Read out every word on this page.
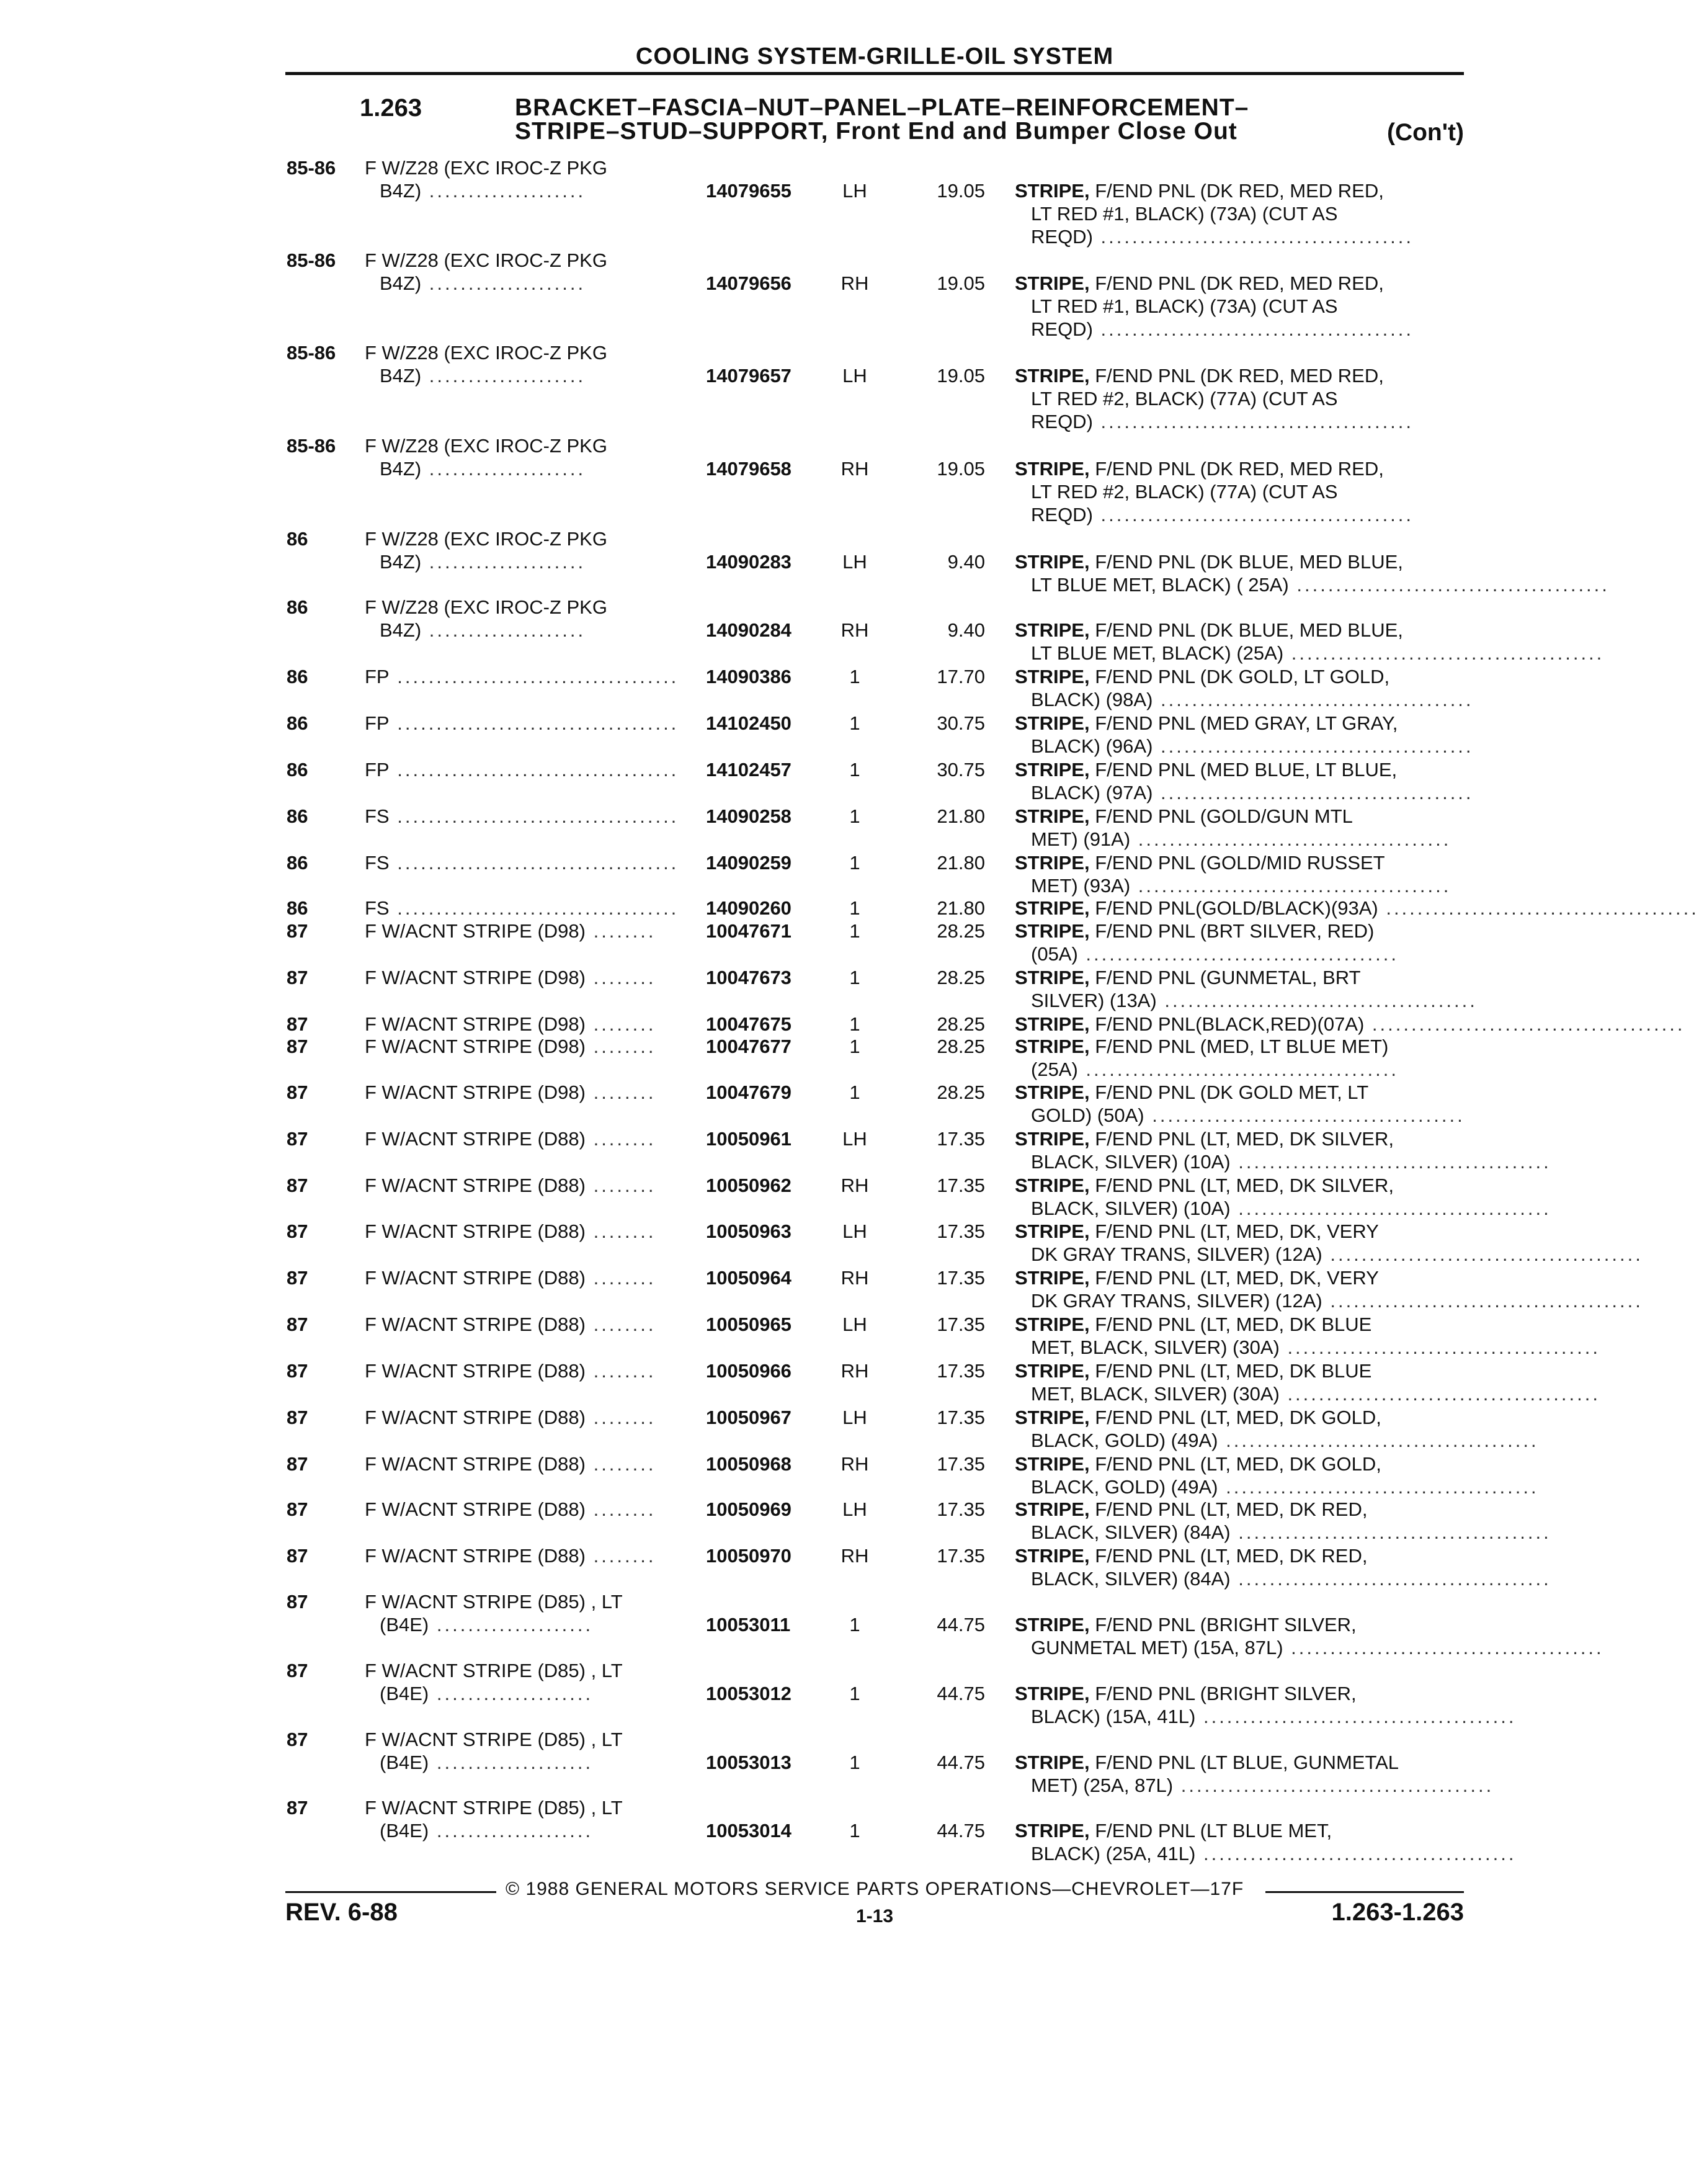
COOLING SYSTEM-GRILLE-OIL SYSTEM
1.263	BRACKET–FASCIA–NUT–PANEL–PLATE–REINFORCEMENT–
STRIPE–STUD–SUPPORT, Front End and Bumper Close Out	(Con't)
85-86 F W/Z28 (EXC IROC-Z PKG
B4Z) ....................	14079655	LH	19.05 STRIPE, F/END PNL (DK RED, MED RED,
LT RED #1, BLACK) (73A) (CUT AS
REQD) ........................................
85-86 F W/Z28 (EXC IROC-Z PKG
B4Z) ....................	14079656	RH	19.05 STRIPE, F/END PNL (DK RED, MED RED,
LT RED #1, BLACK) (73A) (CUT AS
REQD) ........................................
85-86 F W/Z28 (EXC IROC-Z PKG
B4Z) ....................	14079657	LH	19.05 STRIPE, F/END PNL (DK RED, MED RED,
LT RED #2, BLACK) (77A) (CUT AS
REQD) ........................................
85-86 F W/Z28 (EXC IROC-Z PKG
B4Z) ....................	14079658	RH	19.05 STRIPE, F/END PNL (DK RED, MED RED,
LT RED #2, BLACK) (77A) (CUT AS
REQD) ........................................
86	F W/Z28 (EXC IROC-Z PKG
B4Z) ....................	14090283	LH	9.40 STRIPE, F/END PNL (DK BLUE, MED BLUE,
LT BLUE MET, BLACK) ( 25A) ........................................
86	F W/Z28 (EXC IROC-Z PKG
B4Z) ....................	14090284	RH	9.40 STRIPE, F/END PNL (DK BLUE, MED BLUE,
LT BLUE MET, BLACK) (25A) ........................................
86	FP .................................... 14090386	1	17.70 STRIPE, F/END PNL (DK GOLD, LT GOLD,
BLACK) (98A) ........................................
86	FP .................................... 14102450	1	30.75 STRIPE, F/END PNL (MED GRAY, LT GRAY,
BLACK) (96A) ........................................
86	FP .................................... 14102457	1	30.75 STRIPE, F/END PNL (MED BLUE, LT BLUE,
BLACK) (97A) ........................................
86	FS .................................... 14090258	1	21.80 STRIPE, F/END PNL (GOLD/GUN MTL
MET) (91A) ........................................
86	FS .................................... 14090259	1	21.80 STRIPE, F/END PNL (GOLD/MID RUSSET
MET) (93A) ........................................
86	FS .................................... 14090260	1	21.80 STRIPE, F/END PNL(GOLD/BLACK)(93A) ........................................
87	F W/ACNT STRIPE (D98) ........	10047671	1	28.25 STRIPE, F/END PNL (BRT SILVER, RED)
(05A) ........................................
87	F W/ACNT STRIPE (D98) ........	10047673	1	28.25 STRIPE, F/END PNL (GUNMETAL, BRT
SILVER) (13A) ........................................
87	F W/ACNT STRIPE (D98) ........	10047675	1	28.25 STRIPE, F/END PNL(BLACK,RED)(07A) ........................................
87	F W/ACNT STRIPE (D98) ........	10047677	1	28.25 STRIPE, F/END PNL (MED, LT BLUE MET)
(25A) ........................................
87	F W/ACNT STRIPE (D98) ........	10047679	1	28.25 STRIPE, F/END PNL (DK GOLD MET, LT
GOLD) (50A) ........................................
87	F W/ACNT STRIPE (D88) ........	10050961	LH	17.35 STRIPE, F/END PNL (LT, MED, DK SILVER,
BLACK, SILVER) (10A) ........................................
87	F W/ACNT STRIPE (D88) ........	10050962	RH	17.35 STRIPE, F/END PNL (LT, MED, DK SILVER,
BLACK, SILVER) (10A) ........................................
87	F W/ACNT STRIPE (D88) ........	10050963	LH	17.35 STRIPE, F/END PNL (LT, MED, DK, VERY
DK GRAY TRANS, SILVER) (12A) ........................................
87	F W/ACNT STRIPE (D88) ........	10050964	RH	17.35 STRIPE, F/END PNL (LT, MED, DK, VERY
DK GRAY TRANS, SILVER) (12A) ........................................
87	F W/ACNT STRIPE (D88) ........	10050965	LH	17.35 STRIPE, F/END PNL (LT, MED, DK BLUE
MET, BLACK, SILVER) (30A) ........................................
87	F W/ACNT STRIPE (D88) ........	10050966	RH	17.35 STRIPE, F/END PNL (LT, MED, DK BLUE
MET, BLACK, SILVER) (30A) ........................................
87	F W/ACNT STRIPE (D88) ........	10050967	LH	17.35 STRIPE, F/END PNL (LT, MED, DK GOLD,
BLACK, GOLD) (49A) ........................................
87	F W/ACNT STRIPE (D88) ........	10050968	RH	17.35 STRIPE, F/END PNL (LT, MED, DK GOLD,
BLACK, GOLD) (49A) ........................................
87	F W/ACNT STRIPE (D88) ........	10050969	LH	17.35 STRIPE, F/END PNL (LT, MED, DK RED,
BLACK, SILVER) (84A) ........................................
87	F W/ACNT STRIPE (D88) ........	10050970	RH	17.35 STRIPE, F/END PNL (LT, MED, DK RED,
BLACK, SILVER) (84A) ........................................
87	F W/ACNT STRIPE (D85) , LT
(B4E) ....................	10053011	1	44.75 STRIPE, F/END PNL (BRIGHT SILVER,
GUNMETAL MET) (15A, 87L) ........................................
87	F W/ACNT STRIPE (D85) , LT
(B4E) ....................	10053012	1	44.75 STRIPE, F/END PNL (BRIGHT SILVER,
BLACK) (15A, 41L) ........................................
87	F W/ACNT STRIPE (D85) , LT
(B4E) ....................	10053013	1	44.75 STRIPE, F/END PNL (LT BLUE, GUNMETAL
MET) (25A, 87L) ........................................
87	F W/ACNT STRIPE (D85) , LT
(B4E) ....................	10053014	1	44.75 STRIPE, F/END PNL (LT BLUE MET,
BLACK) (25A, 41L) ........................................
© 1988 GENERAL MOTORS SERVICE PARTS OPERATIONS—CHEVROLET—17F
REV. 6-88	1-13	1.263-1.263
